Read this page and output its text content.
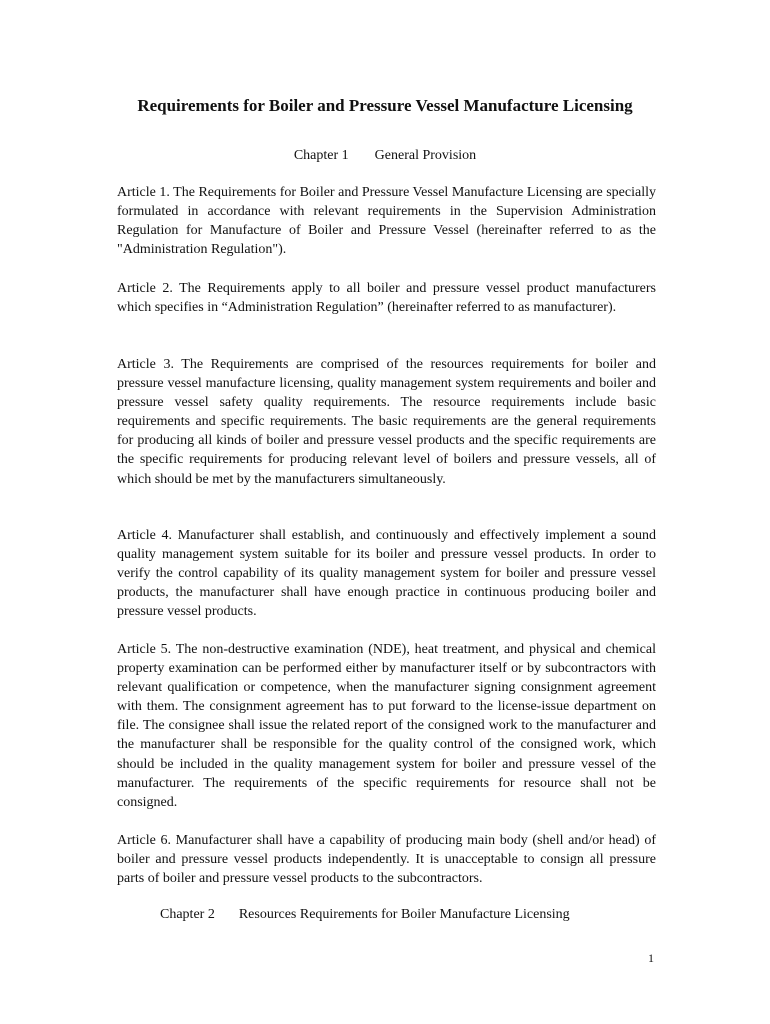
Requirements for Boiler and Pressure Vessel Manufacture Licensing
Chapter 1 General Provision

Article 1. The Requirements for Boiler and Pressure Vessel Manufacture Licensing are specially formulated in accordance with relevant requirements in the Supervision Administration Regulation for Manufacture of Boiler and Pressure Vessel (hereinafter referred to as the "Administration Regulation").

Article 2. The Requirements apply to all boiler and pressure vessel product manufacturers which specifies in “Administration Regulation” (hereinafter referred to as manufacturer).

Article 3. The Requirements are comprised of the resources requirements for boiler and pressure vessel manufacture licensing, quality management system requirements and boiler and pressure vessel safety quality requirements. The resource requirements include basic requirements and specific requirements. The basic requirements are the general requirements for producing all kinds of boiler and pressure vessel products and the specific requirements are the specific requirements for producing relevant level of boilers and pressure vessels, all of which should be met by the manufacturers simultaneously.

Article 4. Manufacturer shall establish, and continuously and effectively implement a sound quality management system suitable for its boiler and pressure vessel products. In order to verify the control capability of its quality management system for boiler and pressure vessel products, the manufacturer shall have enough practice in continuous producing boiler and pressure vessel products.

Article 5. The non-destructive examination (NDE), heat treatment, and physical and chemical property examination can be performed either by manufacturer itself or by subcontractors with relevant qualification or competence, when the manufacturer signing consignment agreement with them. The consignment agreement has to put forward to the license-issue department on file. The consignee shall issue the related report of the consigned work to the manufacturer and the manufacturer shall be responsible for the quality control of the consigned work, which should be included in the quality management system for boiler and pressure vessel of the manufacturer. The requirements of the specific requirements for resource shall not be consigned.

Article 6. Manufacturer shall have a capability of producing main body (shell and/or head) of boiler and pressure vessel products independently. It is unacceptable to consign all pressure parts of boiler and pressure vessel products to the subcontractors.

Chapter 2 Resources Requirements for Boiler Manufacture Licensing
1
